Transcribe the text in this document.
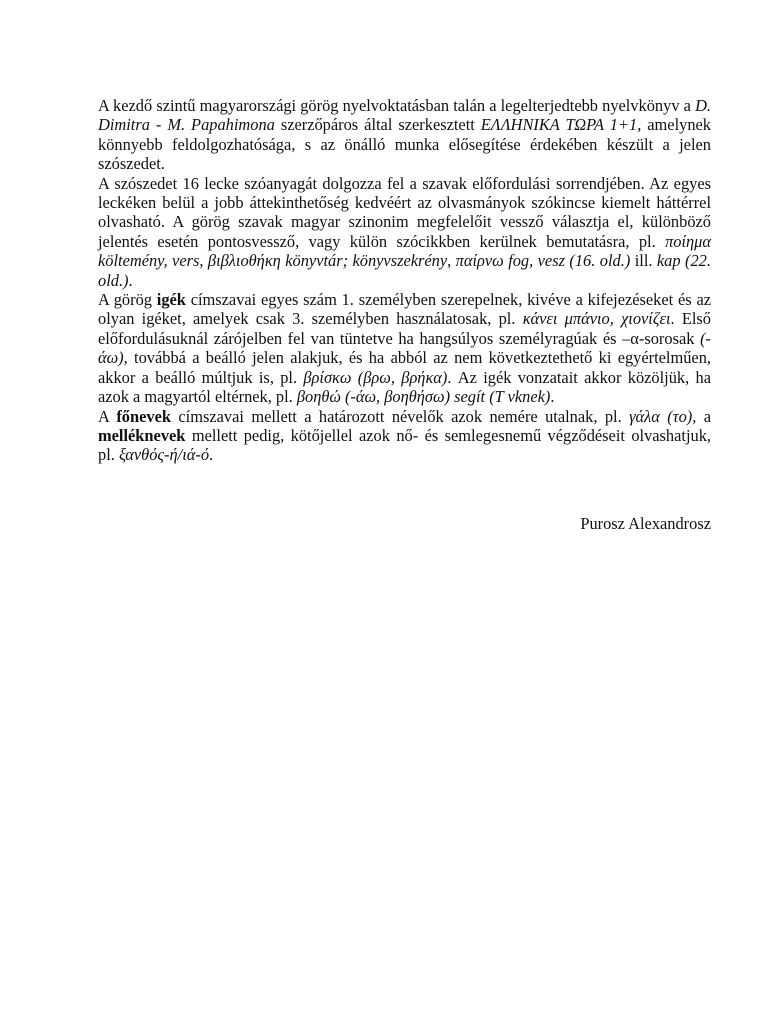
A kezdő szintű magyarországi görög nyelvoktatásban talán a legelterjedtebb nyelvkönyv a D. Dimitra - M. Papahimona szerzőpáros által szerkesztett ΕΛΛΗΝΙΚΑ ΤΩΡΑ 1+1, amelynek könnyebb feldolgozhatósága, s az önálló munka elősegítése érdekében készült a jelen szószedet.

A szószedet 16 lecke szóanyagát dolgozza fel a szavak előfordulási sorrendjében. Az egyes leckéken belül a jobb áttekinthetőség kedvéért az olvasmányok szókincse kiemelt háttérrel olvasható. A görög szavak magyar szinonim megfelelőit vessző választja el, különböző jelentés esetén pontosvessző, vagy külön szócikkben kerülnek bemutatásra, pl. ποίημα költemény, vers, βιβλιοθήκη könyvtár; könyvszekrény, παίρνω fog, vesz (16. old.) ill. kap (22. old.).

A görög igék címszavai egyes szám 1. személyben szerepelnek, kivéve a kifejezéseket és az olyan igéket, amelyek csak 3. személyben használatosak, pl. κάνει μπάνιο, χιονίζει. Első előfordulásuknál zárójelben fel van tüntetve ha hangsúlyos személyragúak és –α-sorosak (-άω), továbbá a beálló jelen alakjuk, és ha abból az nem következtethető ki egyértelműen, akkor a beálló múltjuk is, pl. βρίσκω (βρω, βρήκα). Az igék vonzatait akkor közöljük, ha azok a magyartól eltérnek, pl. βοηθώ (-άω, βοηθήσω) segít (T vknek).

A főnevek címszavai mellett a határozott névelők azok nemére utalnak, pl. γάλα (το), a melléknevek mellett pedig, kötőjellel azok nő- és semlegesnemű végződéseit olvashatjuk, pl. ξανθός-ή/ιά-ό.

Purosz Alexandrosz
